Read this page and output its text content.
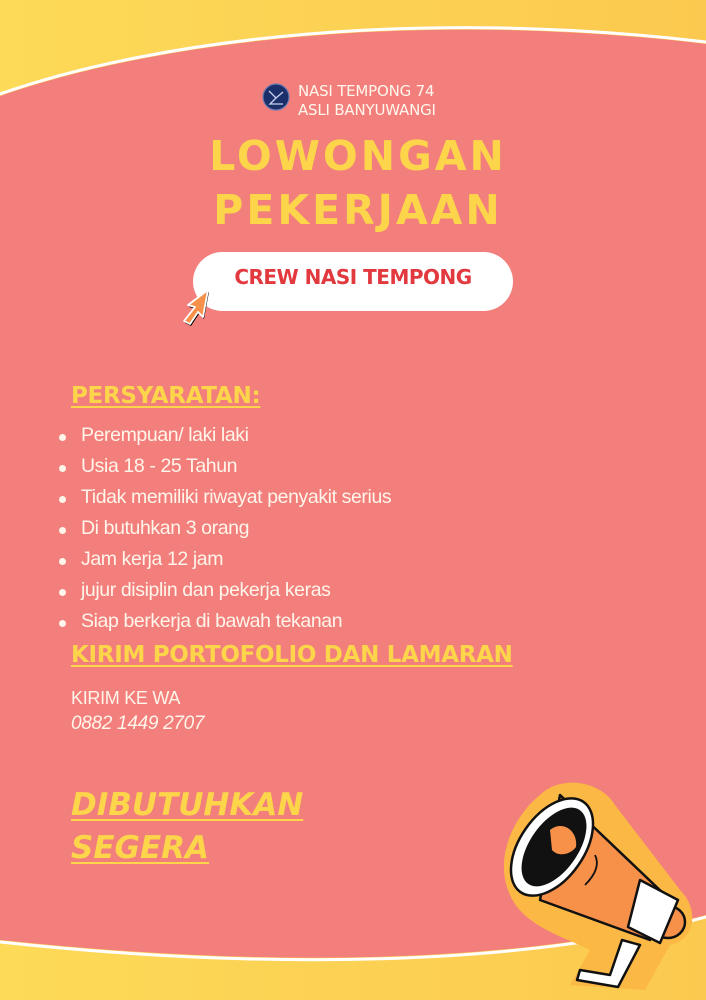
NASI TEMPONG 74
ASLI BANYUWANGI
LOWONGAN
PEKERJAAN
CREW NASI TEMPONG
PERSYARATAN:
Perempuan/ laki laki
Usia 18 - 25 Tahun
Tidak memiliki riwayat penyakit serius
Di butuhkan 3 orang
Jam kerja 12 jam
jujur disiplin dan pekerja keras
Siap berkerja di bawah tekanan
KIRIM PORTOFOLIO DAN LAMARAN
KIRIM KE WA
0882 1449 2707
DIBUTUHKAN
SEGERA
